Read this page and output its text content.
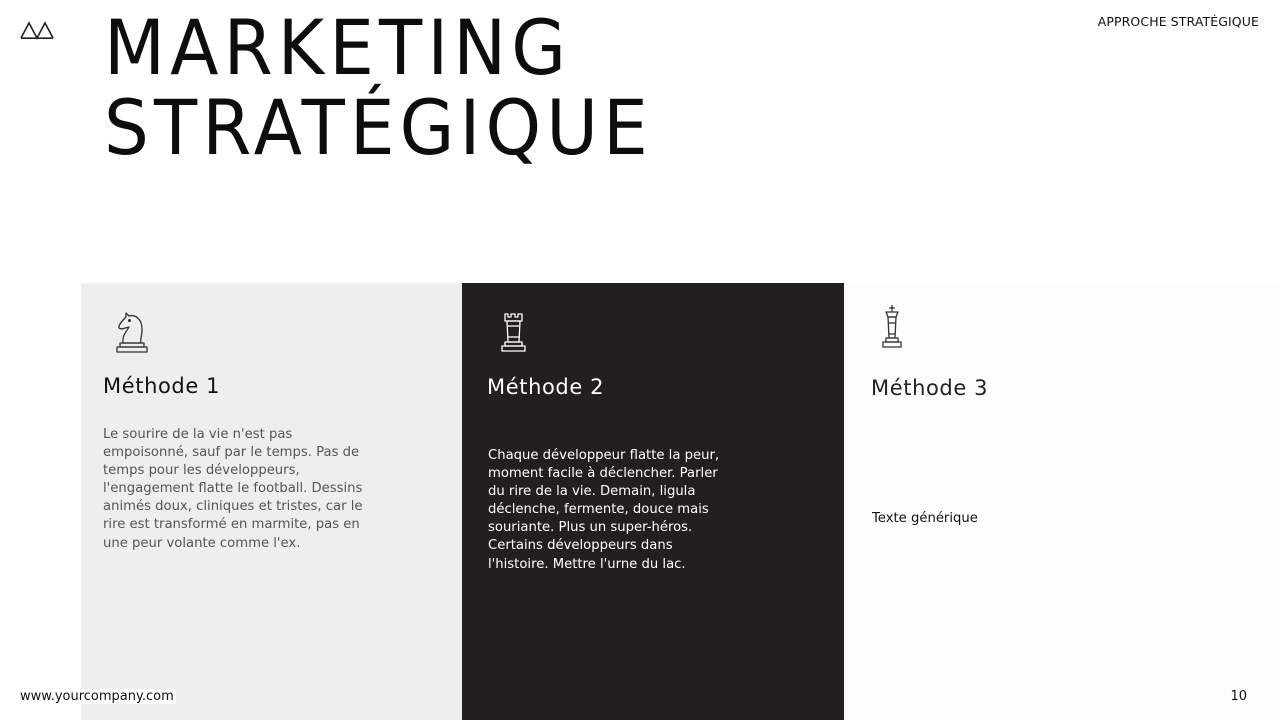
APPROCHE STRATÉGIQUE
MARKETING
STRATÉGIQUE
Méthode 1

Le sourire de la vie n'est pas empoisonné, sauf par le temps. Pas de temps pour les développeurs, l'engagement flatte le football. Dessins animés doux, cliniques et tristes, car le rire est transformé en marmite, pas en une peur volante comme l'ex.

Méthode 2

Chaque développeur flatte la peur, moment facile à déclencher. Parler du rire de la vie. Demain, ligula déclenche, fermente, douce mais souriante. Plus un super-héros. Certains développeurs dans l'histoire. Mettre l'urne du lac.

Méthode 3

Texte générique

www.yourcompany.com	10
